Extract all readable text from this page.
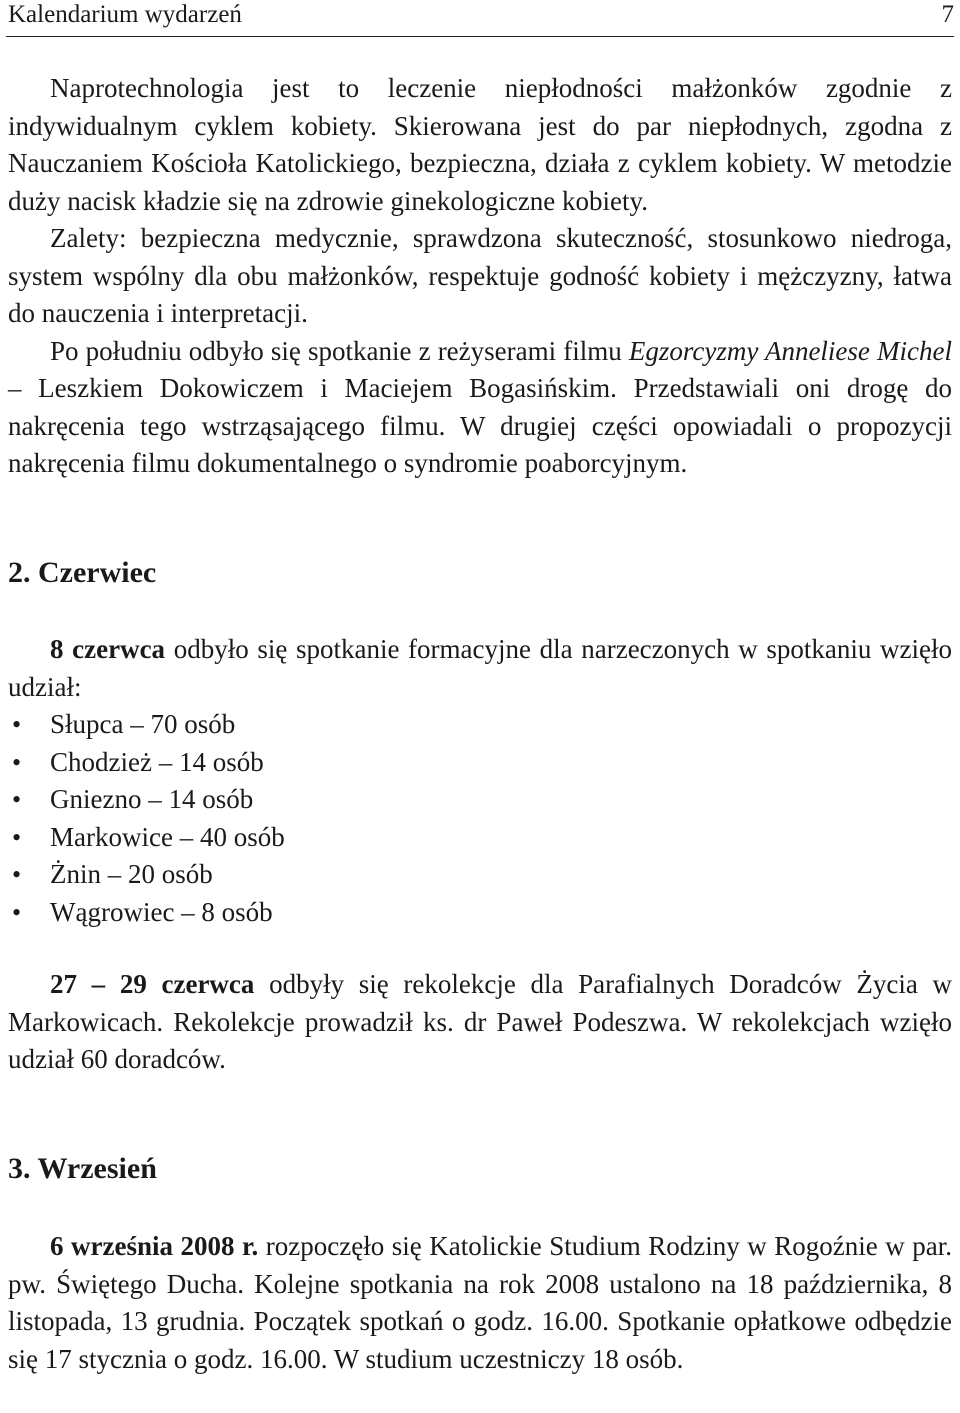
Kalendarium wydarzeń	7

Naprotechnologia jest to leczenie niepłodności małżonków zgodnie z indywidualnym cyklem kobiety. Skierowana jest do par niepłodnych, zgodna z Nauczaniem Kościoła Katolickiego, bezpieczna, działa z cyklem kobiety. W metodzie duży nacisk kładzie się na zdrowie ginekologiczne kobiety.

Zalety: bezpieczna medycznie, sprawdzona skuteczność, stosunkowo niedroga, system wspólny dla obu małżonków, respektuje godność kobiety i mężczyzny, łatwa do nauczenia i interpretacji.

Po południu odbyło się spotkanie z reżyserami filmu Egzorcyzmy Anneliese Michel – Leszkiem Dokowiczem i Maciejem Bogasińskim. Przedstawiali oni drogę do nakręcenia tego wstrząsającego filmu. W drugiej części opowiadali o propozycji nakręcenia filmu dokumentalnego o syndromie poaborcyjnym.

2. Czerwiec

8 czerwca odbyło się spotkanie formacyjne dla narzeczonych w spotkaniu wzięło udział:

• Słupca – 70 osób
• Chodzież – 14 osób
• Gniezno – 14 osób
• Markowice – 40 osób
• Żnin – 20 osób
• Wągrowiec – 8 osób

27 – 29 czerwca odbyły się rekolekcje dla Parafialnych Doradców Życia w Markowicach. Rekolekcje prowadził ks. dr Paweł Podeszwa. W rekolekcjach wzięło udział 60 doradców.

3. Wrzesień

6 września 2008 r. rozpoczęło się Katolickie Studium Rodziny w Rogoźnie w par. pw. Świętego Ducha. Kolejne spotkania na rok 2008 ustalono na 18 października, 8 listopada, 13 grudnia. Początek spotkań o godz. 16.00. Spotkanie opłatkowe odbędzie się 17 stycznia o godz. 16.00. W studium uczestniczy 18 osób.
